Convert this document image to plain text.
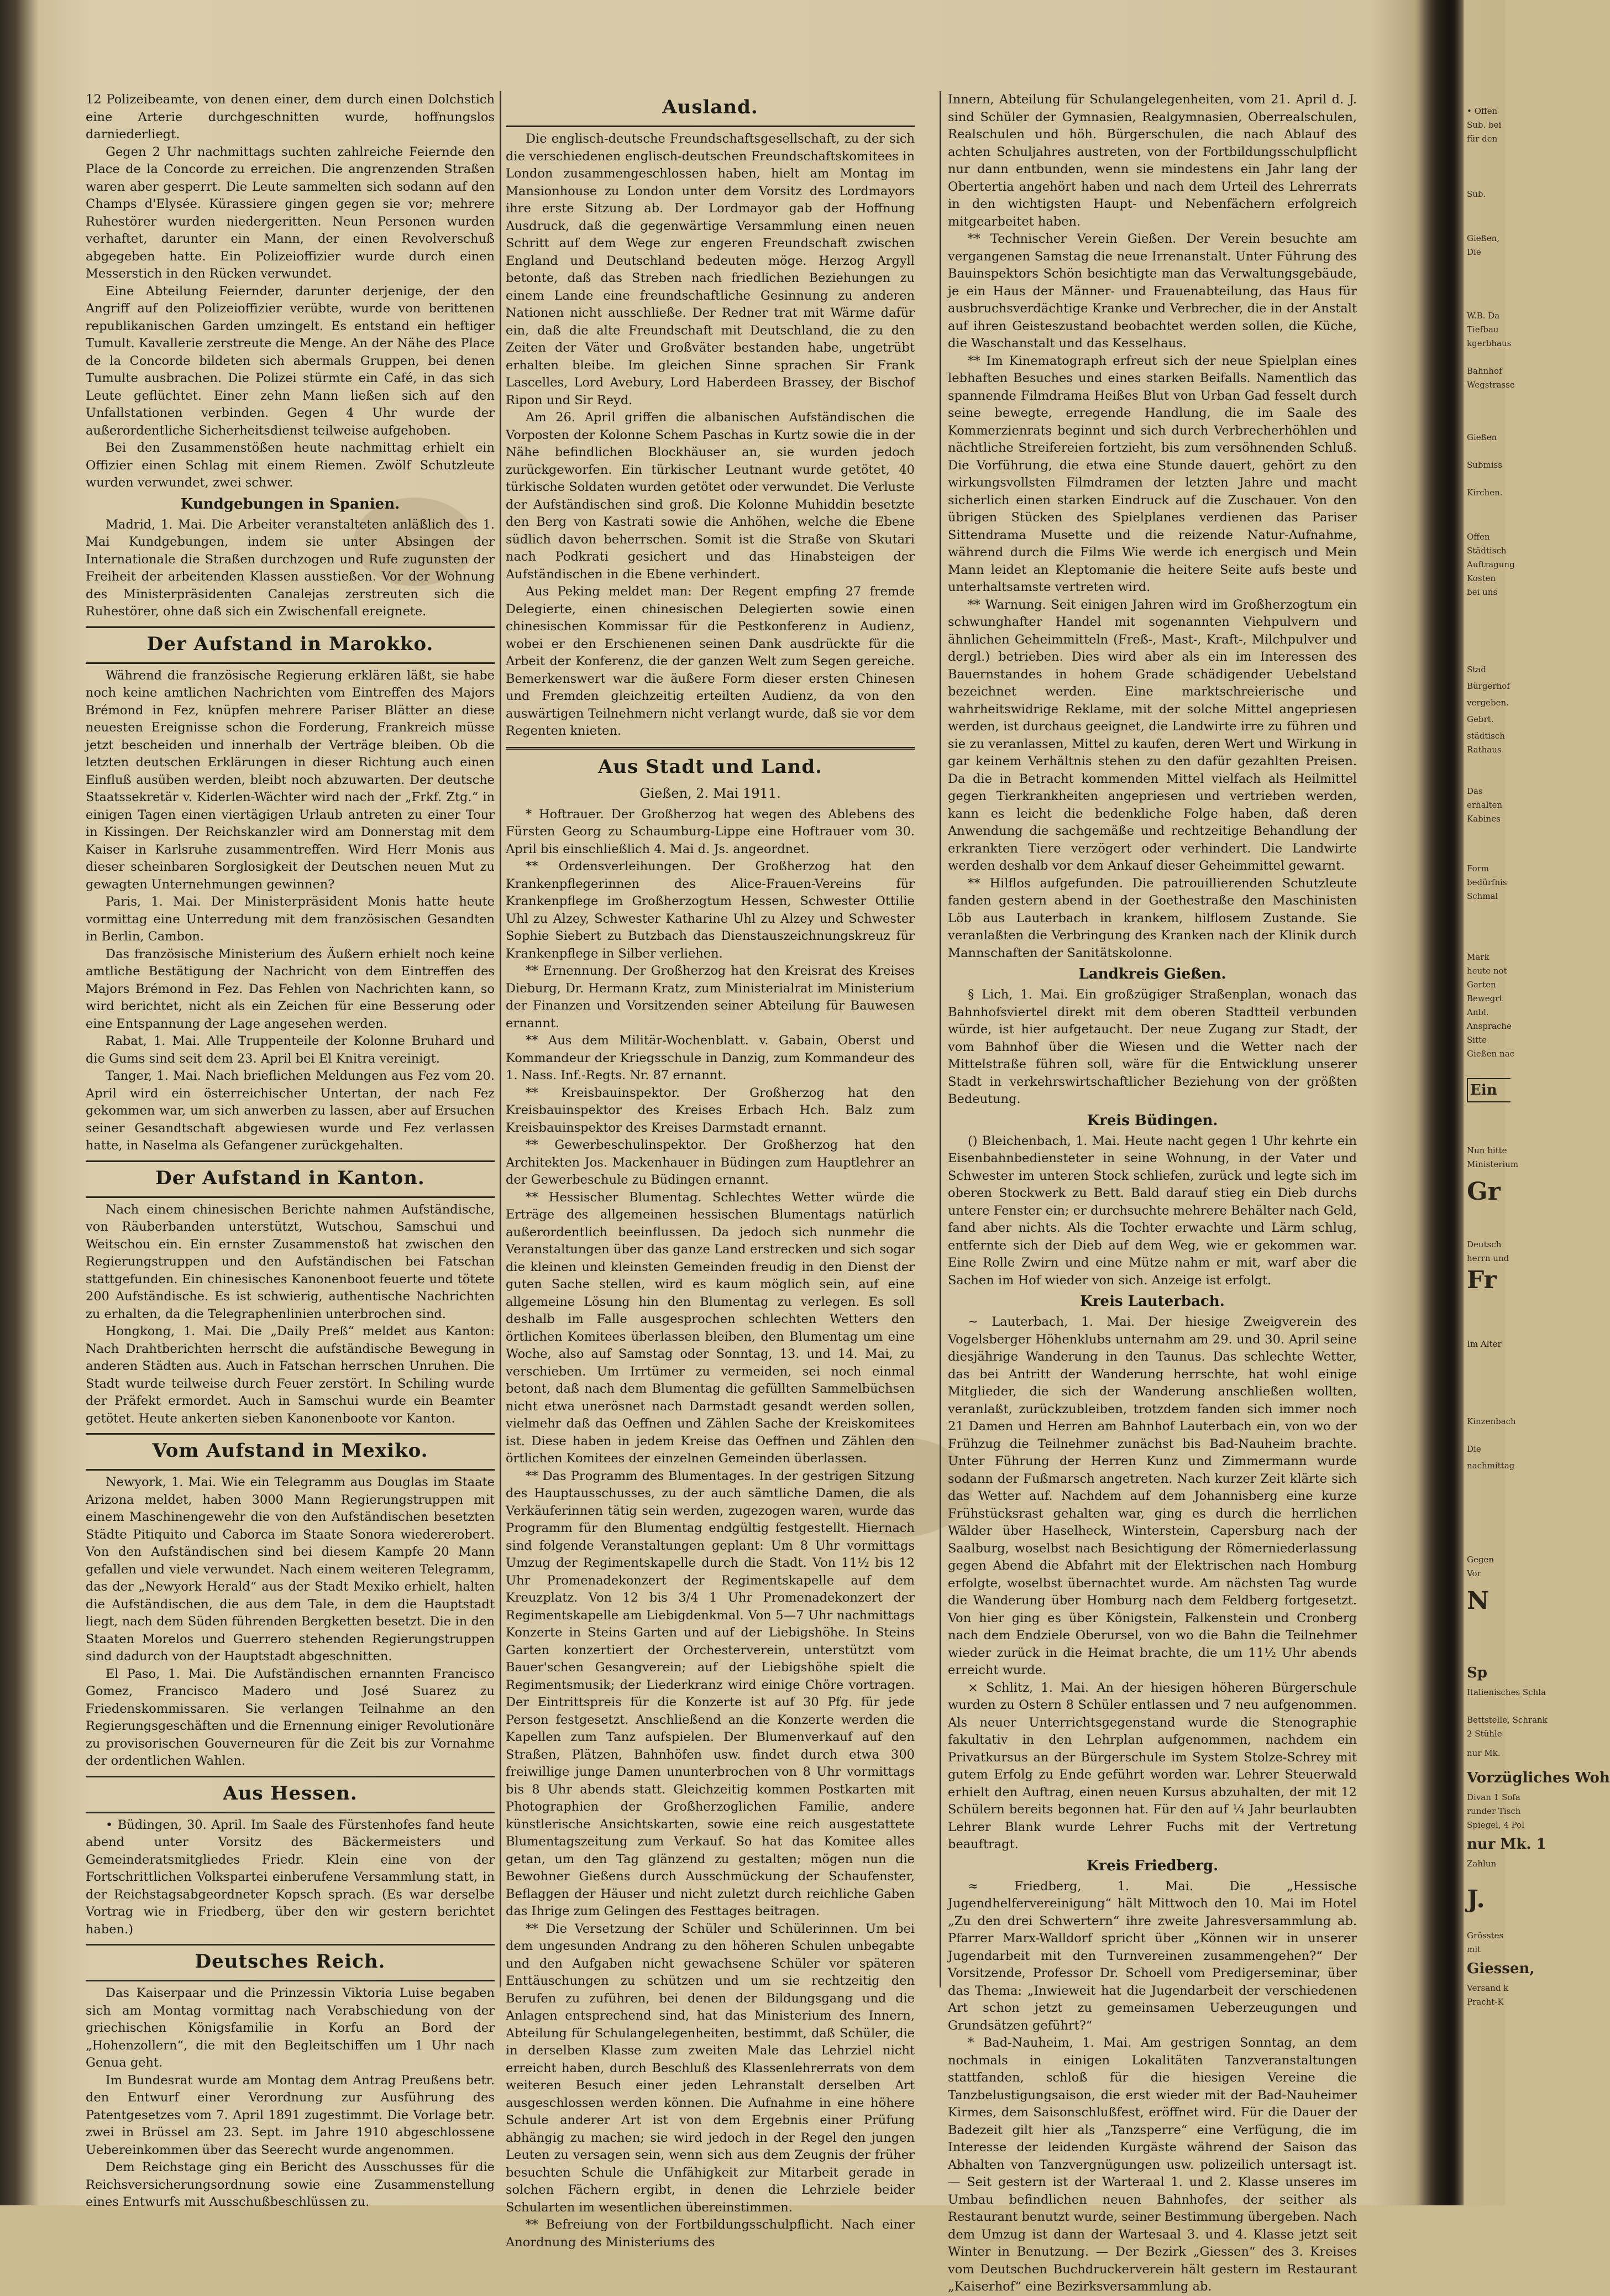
12 Polizeibeamte, von denen einer, dem durch einen Dolchstich eine Arterie durchgeschnitten wurde, hoffnungslos darniederliegt.

Gegen 2 Uhr nachmittags suchten zahlreiche Feiernde den Place de la Concorde zu erreichen. Die angrenzenden Straßen waren aber gesperrt. Die Leute sammelten sich sodann auf den Champs d'Elysée. Kürassiere gingen gegen sie vor; mehrere Ruhestörer wurden niedergeritten. Neun Personen wurden verhaftet, darunter ein Mann, der einen Revolverschuß abgegeben hatte. Ein Polizeioffizier wurde durch einen Messerstich in den Rücken verwundet.

Eine Abteilung Feiernder, darunter derjenige, der den Angriff auf den Polizeioffizier verübte, wurde von berittenen republikanischen Garden umzingelt. Es entstand ein heftiger Tumult. Kavallerie zerstreute die Menge. An der Nähe des Place de la Concorde bildeten sich abermals Gruppen, bei denen Tumulte ausbrachen. Die Polizei stürmte ein Café, in das sich Leute geflüchtet. Einer zehn Mann ließen sich auf den Unfallstationen verbinden. Gegen 4 Uhr wurde der außerordentliche Sicherheitsdienst teilweise aufgehoben.

Bei den Zusammenstößen heute nachmittag erhielt ein Offizier einen Schlag mit einem Riemen. Zwölf Schutzleute wurden verwundet, zwei schwer.

Kundgebungen in Spanien.

Madrid, 1. Mai. Die Arbeiter veranstalteten anläßlich des 1. Mai Kundgebungen, indem sie unter Absingen der Internationale die Straßen durchzogen und Rufe zugunsten der Freiheit der arbeitenden Klassen ausstießen. Vor der Wohnung des Ministerpräsidenten Canalejas zerstreuten sich die Ruhestörer, ohne daß sich ein Zwischenfall ereignete.

Der Aufstand in Marokko.

Während die französische Regierung erklären läßt, sie habe noch keine amtlichen Nachrichten vom Eintreffen des Majors Brémond in Fez, knüpfen mehrere Pariser Blätter an diese neuesten Ereignisse schon die Forderung, Frankreich müsse jetzt bescheiden und innerhalb der Verträge bleiben. Ob die letzten deutschen Erklärungen in dieser Richtung auch einen Einfluß ausüben werden, bleibt noch abzuwarten. Der deutsche Staatssekretär v. Kiderlen-Wächter wird nach der „Frkf. Ztg.“ in einigen Tagen einen viertägigen Urlaub antreten zu einer Tour in Kissingen. Der Reichskanzler wird am Donnerstag mit dem Kaiser in Karlsruhe zusammentreffen. Wird Herr Monis aus dieser scheinbaren Sorglosigkeit der Deutschen neuen Mut zu gewagten Unternehmungen gewinnen?

Paris, 1. Mai. Der Ministerpräsident Monis hatte heute vormittag eine Unterredung mit dem französischen Gesandten in Berlin, Cambon.

Das französische Ministerium des Äußern erhielt noch keine amtliche Bestätigung der Nachricht von dem Eintreffen des Majors Brémond in Fez. Das Fehlen von Nachrichten kann, so wird berichtet, nicht als ein Zeichen für eine Besserung oder eine Entspannung der Lage angesehen werden.

Rabat, 1. Mai. Alle Truppenteile der Kolonne Bruhard und die Gums sind seit dem 23. April bei El Knitra vereinigt.

Tanger, 1. Mai. Nach brieflichen Meldungen aus Fez vom 20. April wird ein österreichischer Untertan, der nach Fez gekommen war, um sich anwerben zu lassen, aber auf Ersuchen seiner Gesandtschaft abgewiesen wurde und Fez verlassen hatte, in Naselma als Gefangener zurückgehalten.

Der Aufstand in Kanton.

Nach einem chinesischen Berichte nahmen Aufständische, von Räuberbanden unterstützt, Wutschou, Samschui und Weitschou ein. Ein ernster Zusammenstoß hat zwischen den Regierungstruppen und den Aufständischen bei Fatschan stattgefunden. Ein chinesisches Kanonenboot feuerte und tötete 200 Aufständische. Es ist schwierig, authentische Nachrichten zu erhalten, da die Telegraphenlinien unterbrochen sind.

Hongkong, 1. Mai. Die „Daily Preß“ meldet aus Kanton: Nach Drahtberichten herrscht die aufständische Bewegung in anderen Städten aus. Auch in Fatschan herrschen Unruhen. Die Stadt wurde teilweise durch Feuer zerstört. In Schiling wurde der Präfekt ermordet. Auch in Samschui wurde ein Beamter getötet. Heute ankerten sieben Kanonenboote vor Kanton.

Vom Aufstand in Mexiko.

Newyork, 1. Mai. Wie ein Telegramm aus Douglas im Staate Arizona meldet, haben 3000 Mann Regierungstruppen mit einem Maschinengewehr die von den Aufständischen besetzten Städte Pitiquito und Caborca im Staate Sonora wiedererobert. Von den Aufständischen sind bei diesem Kampfe 20 Mann gefallen und viele verwundet. Nach einem weiteren Telegramm, das der „Newyork Herald“ aus der Stadt Mexiko erhielt, halten die Aufständischen, die aus dem Tale, in dem die Hauptstadt liegt, nach dem Süden führenden Bergketten besetzt. Die in den Staaten Morelos und Guerrero stehenden Regierungstruppen sind dadurch von der Hauptstadt abgeschnitten.

El Paso, 1. Mai. Die Aufständischen ernannten Francisco Gomez, Francisco Madero und José Suarez zu Friedenskommissaren. Sie verlangen Teilnahme an den Regierungsgeschäften und die Ernennung einiger Revolutionäre zu provisorischen Gouverneuren für die Zeit bis zur Vornahme der ordentlichen Wahlen.

Aus Hessen.

• Büdingen, 30. April. Im Saale des Fürstenhofes fand heute abend unter Vorsitz des Bäckermeisters und Gemeinderatsmitgliedes Friedr. Klein eine von der Fortschrittlichen Volkspartei einberufene Versammlung statt, in der Reichstagsabgeordneter Kopsch sprach. (Es war derselbe Vortrag wie in Friedberg, über den wir gestern berichtet haben.)

Deutsches Reich.

Das Kaiserpaar und die Prinzessin Viktoria Luise begaben sich am Montag vormittag nach Verabschiedung von der griechischen Königsfamilie in Korfu an Bord der „Hohenzollern“, die mit den Begleitschiffen um 1 Uhr nach Genua geht.

Im Bundesrat wurde am Montag dem Antrag Preußens betr. den Entwurf einer Verordnung zur Ausführung des Patentgesetzes vom 7. April 1891 zugestimmt. Die Vorlage betr. zwei in Brüssel am 23. Sept. im Jahre 1910 abgeschlossene Uebereinkommen über das Seerecht wurde angenommen.

Dem Reichstage ging ein Bericht des Ausschusses für die Reichsversicherungsordnung sowie eine Zusammenstellung eines Entwurfs mit Ausschußbeschlüssen zu.

Ausland.

Die englisch-deutsche Freundschaftsgesellschaft, zu der sich die verschiedenen englisch-deutschen Freundschaftskomitees in London zusammengeschlossen haben, hielt am Montag im Mansionhouse zu London unter dem Vorsitz des Lordmayors ihre erste Sitzung ab. Der Lordmayor gab der Hoffnung Ausdruck, daß die gegenwärtige Versammlung einen neuen Schritt auf dem Wege zur engeren Freundschaft zwischen England und Deutschland bedeuten möge. Herzog Argyll betonte, daß das Streben nach friedlichen Beziehungen zu einem Lande eine freundschaftliche Gesinnung zu anderen Nationen nicht ausschließe. Der Redner trat mit Wärme dafür ein, daß die alte Freundschaft mit Deutschland, die zu den Zeiten der Väter und Großväter bestanden habe, ungetrübt erhalten bleibe. Im gleichen Sinne sprachen Sir Frank Lascelles, Lord Avebury, Lord Haberdeen Brassey, der Bischof Ripon und Sir Reyd.

Am 26. April griffen die albanischen Aufständischen die Vorposten der Kolonne Schem Paschas in Kurtz sowie die in der Nähe befindlichen Blockhäuser an, sie wurden jedoch zurückgeworfen. Ein türkischer Leutnant wurde getötet, 40 türkische Soldaten wurden getötet oder verwundet. Die Verluste der Aufständischen sind groß. Die Kolonne Muhiddin besetzte den Berg von Kastrati sowie die Anhöhen, welche die Ebene südlich davon beherrschen. Somit ist die Straße von Skutari nach Podkrati gesichert und das Hinabsteigen der Aufständischen in die Ebene verhindert.

Aus Peking meldet man: Der Regent empfing 27 fremde Delegierte, einen chinesischen Delegierten sowie einen chinesischen Kommissar für die Pestkonferenz in Audienz, wobei er den Erschienenen seinen Dank ausdrückte für die Arbeit der Konferenz, die der ganzen Welt zum Segen gereiche. Bemerkenswert war die äußere Form dieser ersten Chinesen und Fremden gleichzeitig erteilten Audienz, da von den auswärtigen Teilnehmern nicht verlangt wurde, daß sie vor dem Regenten knieten.

Aus Stadt und Land.
Gießen, 2. Mai 1911.

* Hoftrauer. Der Großherzog hat wegen des Ablebens des Fürsten Georg zu Schaumburg-Lippe eine Hoftrauer vom 30. April bis einschließlich 4. Mai d. Js. angeordnet.

** Ordensverleihungen. Der Großherzog hat den Krankenpflegerinnen des Alice-Frauen-Vereins für Krankenpflege im Großherzogtum Hessen, Schwester Ottilie Uhl zu Alzey, Schwester Katharine Uhl zu Alzey und Schwester Sophie Siebert zu Butzbach das Dienstauszeichnungskreuz für Krankenpflege in Silber verliehen.

** Ernennung. Der Großherzog hat den Kreisrat des Kreises Dieburg, Dr. Hermann Kratz, zum Ministerialrat im Ministerium der Finanzen und Vorsitzenden seiner Abteilung für Bauwesen ernannt.

** Aus dem Militär-Wochenblatt. v. Gabain, Oberst und Kommandeur der Kriegsschule in Danzig, zum Kommandeur des 1. Nass. Inf.-Regts. Nr. 87 ernannt.

** Kreisbauinspektor. Der Großherzog hat den Kreisbauinspektor des Kreises Erbach Hch. Balz zum Kreisbauinspektor des Kreises Darmstadt ernannt.

** Gewerbeschulinspektor. Der Großherzog hat den Architekten Jos. Mackenhauer in Büdingen zum Hauptlehrer an der Gewerbeschule zu Büdingen ernannt.

** Hessischer Blumentag. Schlechtes Wetter würde die Erträge des allgemeinen hessischen Blumentags natürlich außerordentlich beeinflussen. Da jedoch sich nunmehr die Veranstaltungen über das ganze Land erstrecken und sich sogar die kleinen und kleinsten Gemeinden freudig in den Dienst der guten Sache stellen, wird es kaum möglich sein, auf eine allgemeine Lösung hin den Blumentag zu verlegen. Es soll deshalb im Falle ausgesprochen schlechten Wetters den örtlichen Komitees überlassen bleiben, den Blumentag um eine Woche, also auf Samstag oder Sonntag, 13. und 14. Mai, zu verschieben. Um Irrtümer zu vermeiden, sei noch einmal betont, daß nach dem Blumentag die gefüllten Sammelbüchsen nicht etwa unerösnet nach Darmstadt gesandt werden sollen, vielmehr daß das Oeffnen und Zählen Sache der Kreiskomitees ist. Diese haben in jedem Kreise das Oeffnen und Zählen den örtlichen Komitees der einzelnen Gemeinden überlassen.

** Das Programm des Blumentages. In der gestrigen Sitzung des Hauptausschusses, zu der auch sämtliche Damen, die als Verkäuferinnen tätig sein werden, zugezogen waren, wurde das Programm für den Blumentag endgültig festgestellt. Hiernach sind folgende Veranstaltungen geplant: Um 8 Uhr vormittags Umzug der Regimentskapelle durch die Stadt. Von 11½ bis 12 Uhr Promenadekonzert der Regimentskapelle auf dem Kreuzplatz. Von 12 bis 3/4 1 Uhr Promenadekonzert der Regimentskapelle am Liebigdenkmal. Von 5—7 Uhr nachmittags Konzerte in Steins Garten und auf der Liebigshöhe. In Steins Garten konzertiert der Orchesterverein, unterstützt vom Bauer'schen Gesangverein; auf der Liebigshöhe spielt die Regimentsmusik; der Liederkranz wird einige Chöre vortragen. Der Eintrittspreis für die Konzerte ist auf 30 Pfg. für jede Person festgesetzt. Anschließend an die Konzerte werden die Kapellen zum Tanz aufspielen. Der Blumenverkauf auf den Straßen, Plätzen, Bahnhöfen usw. findet durch etwa 300 freiwillige junge Damen ununterbrochen von 8 Uhr vormittags bis 8 Uhr abends statt. Gleichzeitig kommen Postkarten mit Photographien der Großherzoglichen Familie, andere künstlerische Ansichtskarten, sowie eine reich ausgestattete Blumentagszeitung zum Verkauf. So hat das Komitee alles getan, um den Tag glänzend zu gestalten; mögen nun die Bewohner Gießens durch Ausschmückung der Schaufenster, Beflaggen der Häuser und nicht zuletzt durch reichliche Gaben das Ihrige zum Gelingen des Festtages beitragen.

** Die Versetzung der Schüler und Schülerinnen. Um bei dem ungesunden Andrang zu den höheren Schulen unbegabte und den Aufgaben nicht gewachsene Schüler vor späteren Enttäuschungen zu schützen und um sie rechtzeitig den Berufen zu zuführen, bei denen der Bildungsgang und die Anlagen entsprechend sind, hat das Ministerium des Innern, Abteilung für Schulangelegenheiten, bestimmt, daß Schüler, die in derselben Klasse zum zweiten Male das Lehrziel nicht erreicht haben, durch Beschluß des Klassenlehrerrats von dem weiteren Besuch einer jeden Lehranstalt derselben Art ausgeschlossen werden können. Die Aufnahme in eine höhere Schule anderer Art ist von dem Ergebnis einer Prüfung abhängig zu machen; sie wird jedoch in der Regel den jungen Leuten zu versagen sein, wenn sich aus dem Zeugnis der früher besuchten Schule die Unfähigkeit zur Mitarbeit gerade in solchen Fächern ergibt, in denen die Lehrziele beider Schularten im wesentlichen übereinstimmen.

** Befreiung von der Fortbildungsschulpflicht. Nach einer Anordnung des Ministeriums des

Innern, Abteilung für Schulangelegenheiten, vom 21. April d. J. sind Schüler der Gymnasien, Realgymnasien, Oberrealschulen, Realschulen und höh. Bürgerschulen, die nach Ablauf des achten Schuljahres austreten, von der Fortbildungsschulpflicht nur dann entbunden, wenn sie mindestens ein Jahr lang der Obertertia angehört haben und nach dem Urteil des Lehrerrats in den wichtigsten Haupt- und Nebenfächern erfolgreich mitgearbeitet haben.

** Technischer Verein Gießen. Der Verein besuchte am vergangenen Samstag die neue Irrenanstalt. Unter Führung des Bauinspektors Schön besichtigte man das Verwaltungsgebäude, je ein Haus der Männer- und Frauenabteilung, das Haus für ausbruchsverdächtige Kranke und Verbrecher, die in der Anstalt auf ihren Geisteszustand beobachtet werden sollen, die Küche, die Waschanstalt und das Kesselhaus.

** Im Kinematograph erfreut sich der neue Spielplan eines lebhaften Besuches und eines starken Beifalls. Namentlich das spannende Filmdrama Heißes Blut von Urban Gad fesselt durch seine bewegte, erregende Handlung, die im Saale des Kommerzienrats beginnt und sich durch Verbrecherhöhlen und nächtliche Streifereien fortzieht, bis zum versöhnenden Schluß. Die Vorführung, die etwa eine Stunde dauert, gehört zu den wirkungsvollsten Filmdramen der letzten Jahre und macht sicherlich einen starken Eindruck auf die Zuschauer. Von den übrigen Stücken des Spielplanes verdienen das Pariser Sittendrama Musette und die reizende Natur-Aufnahme, während durch die Films Wie werde ich energisch und Mein Mann leidet an Kleptomanie die heitere Seite aufs beste und unterhaltsamste vertreten wird.

** Warnung. Seit einigen Jahren wird im Großherzogtum ein schwunghafter Handel mit sogenannten Viehpulvern und ähnlichen Geheimmitteln (Freß-, Mast-, Kraft-, Milchpulver und dergl.) betrieben. Dies wird aber als ein im Interessen des Bauernstandes in hohem Grade schädigender Uebelstand bezeichnet werden. Eine marktschreierische und wahrheitswidrige Reklame, mit der solche Mittel angepriesen werden, ist durchaus geeignet, die Landwirte irre zu führen und sie zu veranlassen, Mittel zu kaufen, deren Wert und Wirkung in gar keinem Verhältnis stehen zu den dafür gezahlten Preisen. Da die in Betracht kommenden Mittel vielfach als Heilmittel gegen Tierkrankheiten angepriesen und vertrieben werden, kann es leicht die bedenkliche Folge haben, daß deren Anwendung die sachgemäße und rechtzeitige Behandlung der erkrankten Tiere verzögert oder verhindert. Die Landwirte werden deshalb vor dem Ankauf dieser Geheimmittel gewarnt.

** Hilflos aufgefunden. Die patrouillierenden Schutzleute fanden gestern abend in der Goethestraße den Maschinisten Löb aus Lauterbach in krankem, hilflosem Zustande. Sie veranlaßten die Verbringung des Kranken nach der Klinik durch Mannschaften der Sanitätskolonne.

Landkreis Gießen.

§ Lich, 1. Mai. Ein großzügiger Straßenplan, wonach das Bahnhofsviertel direkt mit dem oberen Stadtteil verbunden würde, ist hier aufgetaucht. Der neue Zugang zur Stadt, der vom Bahnhof über die Wiesen und die Wetter nach der Mittelstraße führen soll, wäre für die Entwicklung unserer Stadt in verkehrswirtschaftlicher Beziehung von der größten Bedeutung.

Kreis Büdingen.

() Bleichenbach, 1. Mai. Heute nacht gegen 1 Uhr kehrte ein Eisenbahnbediensteter in seine Wohnung, in der Vater und Schwester im unteren Stock schliefen, zurück und legte sich im oberen Stockwerk zu Bett. Bald darauf stieg ein Dieb durchs untere Fenster ein; er durchsuchte mehrere Behälter nach Geld, fand aber nichts. Als die Tochter erwachte und Lärm schlug, entfernte sich der Dieb auf dem Weg, wie er gekommen war. Eine Rolle Zwirn und eine Mütze nahm er mit, warf aber die Sachen im Hof wieder von sich. Anzeige ist erfolgt.

Kreis Lauterbach.

~ Lauterbach, 1. Mai. Der hiesige Zweigverein des Vogelsberger Höhenklubs unternahm am 29. und 30. April seine diesjährige Wanderung in den Taunus. Das schlechte Wetter, das bei Antritt der Wanderung herrschte, hat wohl einige Mitglieder, die sich der Wanderung anschließen wollten, veranlaßt, zurückzubleiben, trotzdem fanden sich immer noch 21 Damen und Herren am Bahnhof Lauterbach ein, von wo der Frühzug die Teilnehmer zunächst bis Bad-Nauheim brachte. Unter Führung der Herren Kunz und Zimmermann wurde sodann der Fußmarsch angetreten. Nach kurzer Zeit klärte sich das Wetter auf. Nachdem auf dem Johannisberg eine kurze Frühstücksrast gehalten war, ging es durch die herrlichen Wälder über Haselheck, Winterstein, Capersburg nach der Saalburg, woselbst nach Besichtigung der Römerniederlassung gegen Abend die Abfahrt mit der Elektrischen nach Homburg erfolgte, woselbst übernachtet wurde. Am nächsten Tag wurde die Wanderung über Homburg nach dem Feldberg fortgesetzt. Von hier ging es über Königstein, Falkenstein und Cronberg nach dem Endziele Oberursel, von wo die Bahn die Teilnehmer wieder zurück in die Heimat brachte, die um 11½ Uhr abends erreicht wurde.

⨯ Schlitz, 1. Mai. An der hiesigen höheren Bürgerschule wurden zu Ostern 8 Schüler entlassen und 7 neu aufgenommen. Als neuer Unterrichtsgegenstand wurde die Stenographie fakultativ in den Lehrplan aufgenommen, nachdem ein Privatkursus an der Bürgerschule im System Stolze-Schrey mit gutem Erfolg zu Ende geführt worden war. Lehrer Steuerwald erhielt den Auftrag, einen neuen Kursus abzuhalten, der mit 12 Schülern bereits begonnen hat. Für den auf ¼ Jahr beurlaubten Lehrer Blank wurde Lehrer Fuchs mit der Vertretung beauftragt.

Kreis Friedberg.

≈ Friedberg, 1. Mai. Die „Hessische Jugendhelfervereinigung“ hält Mittwoch den 10. Mai im Hotel „Zu den drei Schwertern“ ihre zweite Jahresversammlung ab. Pfarrer Marx-Walldorf spricht über „Können wir in unserer Jugendarbeit mit den Turnvereinen zusammengehen?“ Der Vorsitzende, Professor Dr. Schoell vom Predigerseminar, über das Thema: „Inwieweit hat die Jugendarbeit der verschiedenen Art schon jetzt zu gemeinsamen Ueberzeugungen und Grundsätzen geführt?“

* Bad-Nauheim, 1. Mai. Am gestrigen Sonntag, an dem nochmals in einigen Lokalitäten Tanzveranstaltungen stattfanden, schloß für die hiesigen Vereine die Tanzbelustigungsaison, die erst wieder mit der Bad-Nauheimer Kirmes, dem Saisonschlußfest, eröffnet wird. Für die Dauer der Badezeit gilt hier als „Tanzsperre“ eine Verfügung, die im Interesse der leidenden Kurgäste während der Saison das Abhalten von Tanzvergnügungen usw. polizeilich untersagt ist. — Seit gestern ist der Warteraal 1. und 2. Klasse unseres im Umbau befindlichen neuen Bahnhofes, der seither als Restaurant benutzt wurde, seiner Bestimmung übergeben. Nach dem Umzug ist dann der Wartesaal 3. und 4. Klasse jetzt seit Winter in Benutzung. — Der Bezirk „Giessen“ des 3. Kreises vom Deutschen Buchdruckerverein hält gestern im Restaurant „Kaiserhof“ eine Bezirksversammlung ab.

• Offen
Sub. bei
für den
Sub.
Gießen,
Die
W.B. Da
Tiefbau
kgerbhaus
Bahnhof
Wegstrasse
Gießen
Submiss
Kirchen.
Offen
Städtisch
Auftragung
Kosten
bei uns
Stad
Bürgerhof
vergeben.
Gebrt.
städtisch
Rathaus
Das
erhalten
Kabines
Form
bedürfnis
Schmal
Mark
heute not
Garten
Bewegrt
Anbl.
Ansprache
Sitte
Gießen nac
Ein
Nun bitte
Ministerium
Gr
Deutsch
herrn und
Fr
Im Alter
Kinzenbach
Die
nachmittag
Gegen
Vor
N
Sp
Italienisches Schla
Bettstelle, Schrank
2 Stühle
nur Mk.
Vorzügliches Woh
Divan 1 Sofa
runder Tisch
Spiegel, 4 Pol
nur Mk. 1
Zahlun
J.
Grösstes
mit
Giessen,
Versand k
Pracht-K
